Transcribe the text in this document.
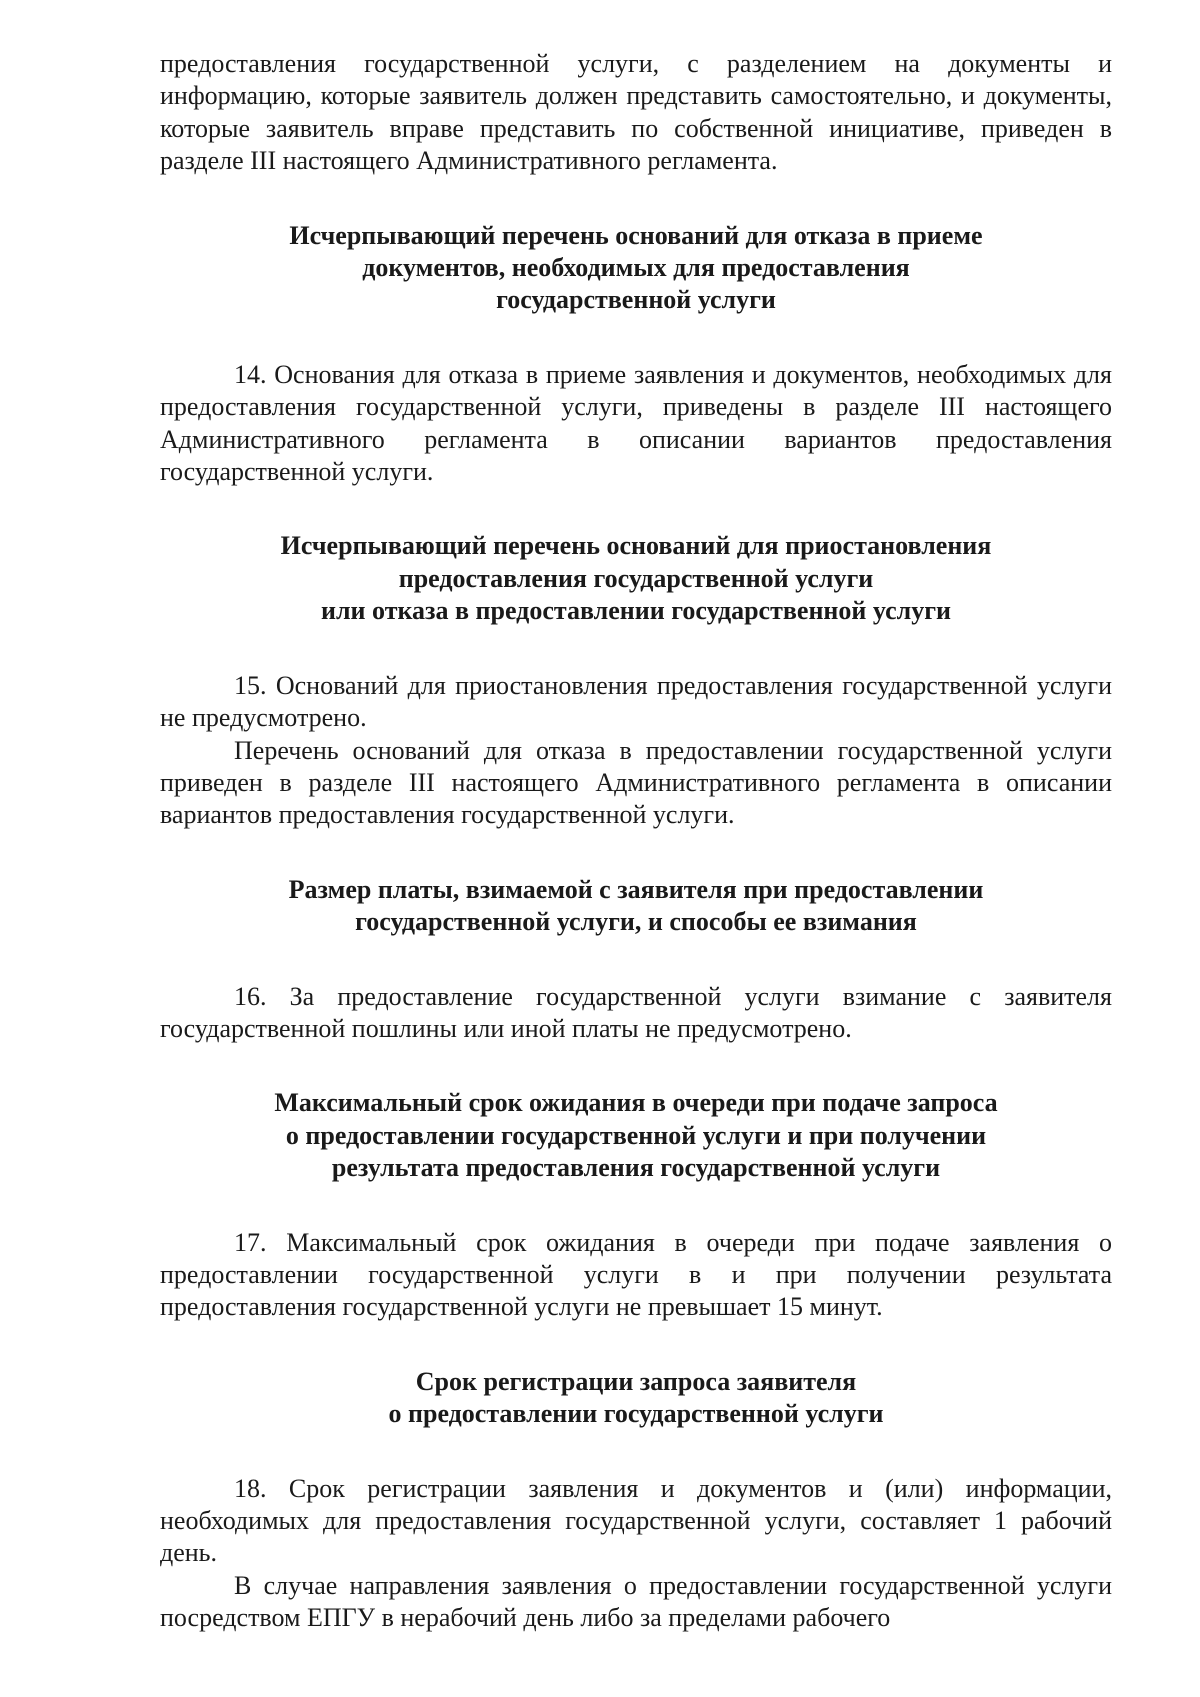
предоставления государственной услуги, с разделением на документы и информацию, которые заявитель должен представить самостоятельно, и документы, которые заявитель вправе представить по собственной инициативе, приведен в разделе III настоящего Административного регламента.

Исчерпывающий перечень оснований для отказа в приеме
документов, необходимых для предоставления
государственной услуги

14. Основания для отказа в приеме заявления и документов, необходимых для предоставления государственной услуги, приведены в разделе III настоящего Административного регламента в описании вариантов предоставления государственной услуги.

Исчерпывающий перечень оснований для приостановления
предоставления государственной услуги
или отказа в предоставлении государственной услуги

15. Оснований для приостановления предоставления государственной услуги не предусмотрено.

Перечень оснований для отказа в предоставлении государственной услуги приведен в разделе III настоящего Административного регламента в описании вариантов предоставления государственной услуги.

Размер платы, взимаемой с заявителя при предоставлении
государственной услуги, и способы ее взимания

16. За предоставление государственной услуги взимание с заявителя государственной пошлины или иной платы не предусмотрено.

Максимальный срок ожидания в очереди при подаче запроса
о предоставлении государственной услуги и при получении
результата предоставления государственной услуги

17. Максимальный срок ожидания в очереди при подаче заявления о предоставлении государственной услуги в и при получении результата предоставления государственной услуги не превышает 15 минут.

Срок регистрации запроса заявителя
о предоставлении государственной услуги

18. Срок регистрации заявления и документов и (или) информации, необходимых для предоставления государственной услуги, составляет 1 рабочий день.

В случае направления заявления о предоставлении государственной услуги посредством ЕПГУ в нерабочий день либо за пределами рабочего
